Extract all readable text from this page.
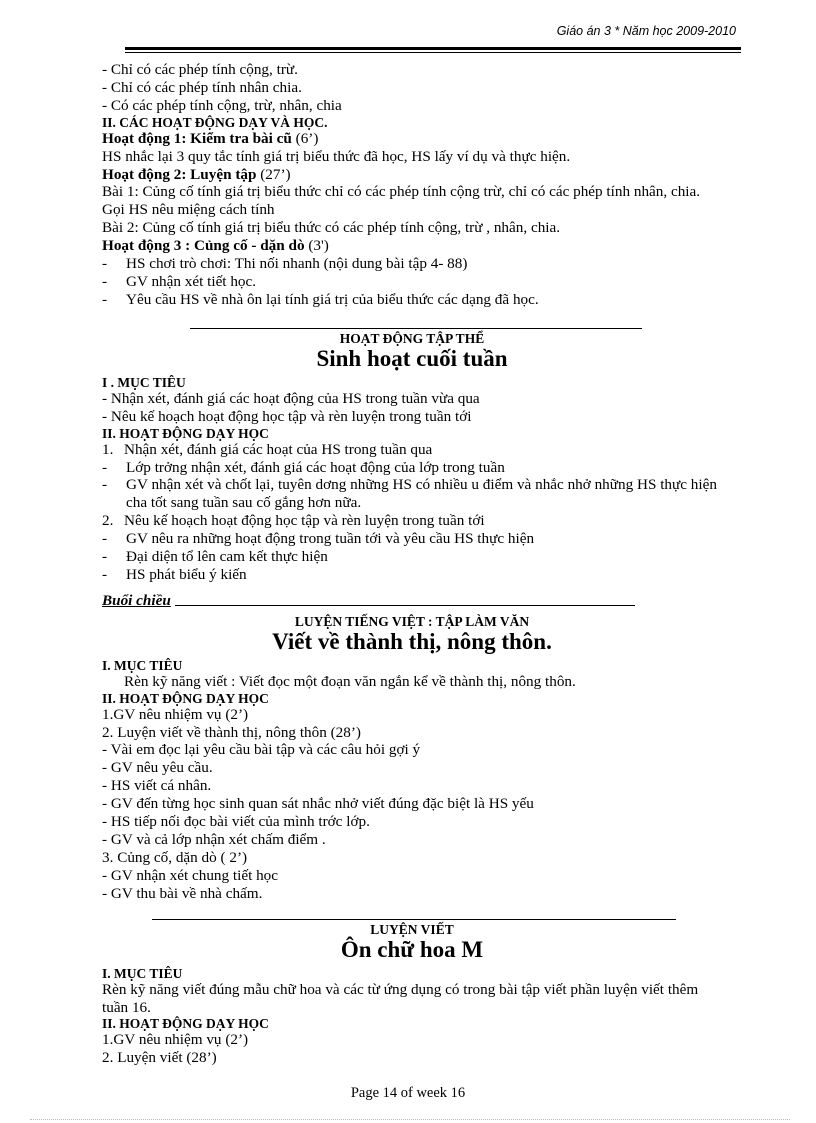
Giáo án 3 * Năm học 2009-2010
- Chỉ có các phép tính cộng, trừ.
- Chỉ có các phép tính nhân chia.
- Có các phép tính cộng, trừ, nhân, chia
II. CÁC HOẠT ĐỘNG DẠY VÀ HỌC.
Hoạt động 1: Kiểm tra bài cũ (6’)
HS nhắc lại 3 quy tắc tính giá trị biểu thức đã học, HS lấy ví dụ và thực hiện.
Hoạt động 2: Luyện tập (27’)
Bài 1: Củng cố tính giá trị biểu thức chỉ có các phép tính cộng trừ, chỉ có các phép tính nhân, chia.
Gọi HS nêu miệng cách tính
Bài 2: Củng cố tính giá trị biểu thức có các phép tính cộng, trừ , nhân, chia.
Hoạt động 3 : Củng cố - dặn dò (3')
-	HS chơi trò chơi: Thi nối nhanh (nội dung bài tập 4- 88)
-	GV nhận xét tiết học.
-	Yêu cầu HS về nhà ôn lại tính giá trị của biểu thức các dạng đã học.
HOẠT ĐỘNG TẬP THỂ
Sinh hoạt cuối tuần
I . MỤC TIÊU
- Nhận xét, đánh giá các hoạt động của HS trong tuần vừa qua
- Nêu kế hoạch hoạt động học tập và rèn luyện trong tuần tới
II. HOẠT ĐỘNG DẠY HỌC
1. Nhận xét, đánh giá các hoạt của HS trong tuần qua
-	Lớp trởng nhận xét, đánh giá các hoạt động của lớp trong tuần
-	GV nhận xét và chốt lại, tuyên dơng những HS có nhiều u điểm và nhắc nhở những HS thực hiện cha tốt sang tuần sau cố gắng hơn nữa.
2. Nêu kế hoạch hoạt động học tập và rèn luyện trong tuần tới
-	GV nêu ra những hoạt động trong tuần tới và yêu cầu HS thực hiện
-	Đại diện tổ lên cam kết thực hiện
-	HS phát biểu ý kiến
Buổi chiều
LUYỆN TIẾNG VIỆT : TẬP LÀM VĂN
Viết về thành thị, nông thôn.
I. MỤC TIÊU
Rèn kỹ năng viết : Viết đọc một đoạn văn ngắn kể về thành thị, nông thôn.
II. HOẠT ĐỘNG DẠY HỌC
1.GV nêu nhiệm vụ (2’)
2. Luyện viết về thành thị, nông thôn (28’)
- Vài em đọc lại yêu cầu bài tập và các câu hỏi gợi ý
- GV nêu yêu cầu.
- HS viết cá nhân.
- GV đến từng học sinh quan sát nhắc nhở viết đúng đặc biệt là HS yếu
- HS tiếp nối đọc bài viết của mình trớc lớp.
- GV và cả lớp nhận xét chấm điểm .
3. Củng cố, dặn dò ( 2’)
- GV nhận xét chung tiết học
- GV thu bài về nhà chấm.
LUYỆN VIẾT
Ôn chữ hoa M
I. MỤC TIÊU
Rèn kỹ năng viết đúng mẫu chữ hoa và các từ ứng dụng có trong bài tập viết phần luyện viết thêm tuần 16.
II. HOẠT ĐỘNG DẠY HỌC
1.GV nêu nhiệm vụ (2’)
2. Luyện viết (28’)
Page 14 of week 16
